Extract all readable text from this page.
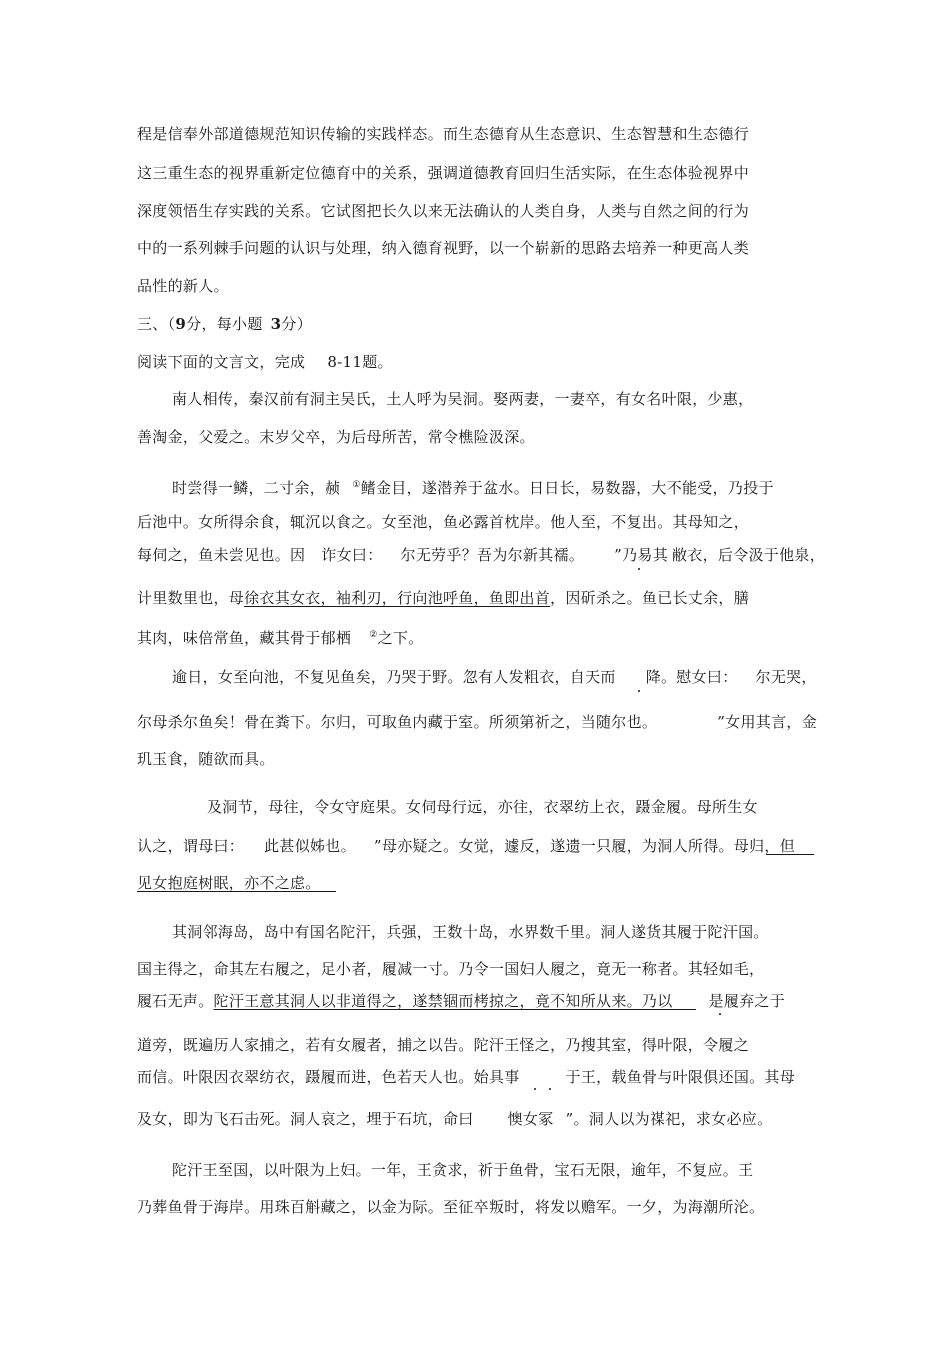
程是信奉外部道德规范知识传输的实践样态。而生态德育从生态意识、生态智慧和生态德行
这三重生态的视界重新定位德育中的关系，强调道德教育回归生活实际，在生态体验视界中
深度领悟生存实践的关系。它试图把长久以来无法确认的人类自身，人类与自然之间的行为
中的一系列棘手问题的认识与处理，纳入德育视野，以一个崭新的思路去培养一种更高人类
品性的新人。
三、（9分，每小题 3分）
阅读下面的文言文，完成 8-11题。
南人相传，秦汉前有洞主吴氏，土人呼为吴洞。娶两妻，一妻卒，有女名叶限，少惠，
善淘金，父爱之。末岁父卒，为后母所苦，常令樵险汲深。
时尝得一鳞，二寸余，赪 ①鳍金目，遂潜养于盆水。日日长，易数器，大不能受，乃投于
后池中。女所得余食，辄沉以食之。女至池，鱼必露首枕岸。他人至，不复出。其母知之，
每伺之，鱼未尝见也。因 诈女曰： 尔无劳乎？吾为尔新其襦。 ”乃易其 敝衣，后令汲于他泉，
计里数里也，母徐衣其女衣，袖利刃，行向池呼鱼，鱼即出首，因斫杀之。鱼已长丈余，膳
其肉，味倍常鱼，藏其骨于郁栖 ②之下。
逾日，女至向池，不复见鱼矣，乃哭于野。忽有人发粗衣，自天而 降。慰女曰： 尔无哭，
尔母杀尔鱼矣！骨在粪下。尔归，可取鱼内藏于室。所须第祈之，当随尔也。	”女用其言，金
玑玉食，随欲而具。
及洞节，母往，令女守庭果。女伺母行远，亦往，衣翠纺上衣，蹑金履。母所生女
认之，谓母曰： 此甚似姊也。 ”母亦疑之。女觉，遽反，遂遗一只履，为洞人所得。母归，但
见女抱庭树眠，亦不之虑。
其洞邻海岛，岛中有国名陀汗，兵强，王数十岛，水界数千里。洞人遂货其履于陀汗国。
国主得之，命其左右履之，足小者，履减一寸。乃令一国妇人履之，竟无一称者。其轻如毛，
履石无声。陀汗王意其洞人以非道得之，遂禁锢而栲掠之，竟不知所从来。乃以 是履弃之于
道旁，既遍历人家捕之，若有女履者，捕之以告。陀汗王怪之，乃搜其室，得叶限，令履之
而信。叶限因衣翠纺衣，蹑履而进，色若天人也。始具事	于王，载鱼骨与叶限俱还国。其母
及女，即为飞石击死。洞人哀之，埋于石坑，命曰 懊女冢 ”。洞人以为禖祀，求女必应。
陀汗王至国，以叶限为上妇。一年，王贪求，祈于鱼骨，宝石无限，逾年，不复应。王
乃葬鱼骨于海岸。用珠百斛藏之，以金为际。至征卒叛时，将发以赡军。一夕，为海潮所沦。
